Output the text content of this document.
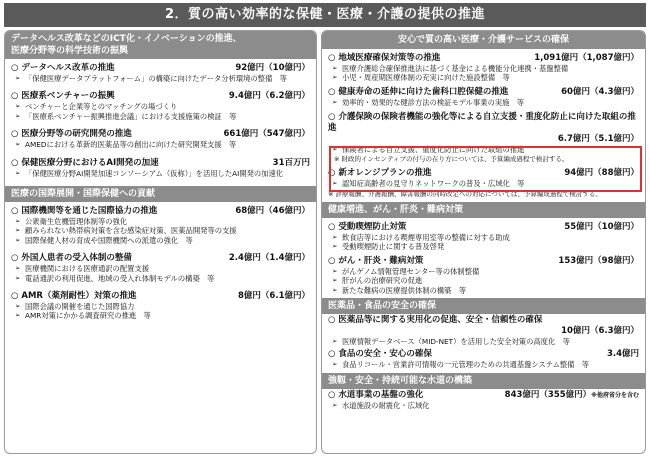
2．質の高い効率的な保健・医療・介護の提供の推進
データヘルス改革などのICT化・イノベーションの推進、
医療分野等の科学技術の振興
○ データヘルス改革の推進	92億円（10億円）
➢ 「保健医療データプラットフォーム」の構築に向けたデータ分析環境の整備　等
○ 医療系ベンチャーの振興	9.4億円（6.2億円）
➢ ベンチャーと企業等とのマッチングの場づくり
➢ 「医療系ベンチャー振興推進会議」における支援施策の検証　等
○ 医療分野等の研究開発の推進	661億円（547億円）
➢ AMEDにおける革新的医薬品等の創出に向けた研究開発支援　等
○ 保健医療分野におけるAI開発の加速	31百万円
➢ 「保健医療分野AI開発加速コンソーシアム（仮称）」を活用したAI開発の加速化
医療の国際展開・国際保健への貢献
○ 国際機関等を通じた国際協力の推進	68億円（46億円）
➢ 公衆衛生危機管理体制等の強化
➢ 顧みられない熱帯病対策を含む感染症対策、医薬品開発等の支援
➢ 国際保健人材の育成や国際機関への派遣の強化　等
○ 外国人患者の受入体制の整備	2.4億円（1.4億円）
➢ 医療機関における医療通訳の配置支援
➢ 電話通訳の利用促進、地域の受入れ体制モデルの構築　等
○ AMR（薬剤耐性）対策の推進	8億円（6.1億円）
➢ 国際会議の開催を通じた国際協力
➢ AMR対策にかかる調査研究の推進　等
安心で質の高い医療・介護サービスの確保
○ 地域医療確保対策等の推進	1,091億円（1,087億円）
➢ 医療介護総合確保推進法に基づく基金による機能分化連携・基盤整備
➢ 小児・周産期医療体制の充実に向けた施設整備　等
○ 健康寿命の延伸に向けた歯科口腔保健の推進	60億円（4.3億円）
➢ 効率的・効果的な健診方法の検証モデル事業の実施　等
○ 介護保険の保険者機能の強化等による自立支援・重度化防止に向けた取組の推進
6.7億円（5.1億円）
➢ 保険者による自立支援、重度化防止に向けた取組の推進
※ 財政的インセンティブの付与の在り方については、予算編成過程で検討する。
○ 新オレンジプランの推進	94億円（88億円）
➢ 認知症高齢者の見守りネットワークの普及・広域化　等
※ 診療報酬、介護報酬、障害報酬の同時改定への対応については、予算編成過程で検討する。
健康増進、がん・肝炎・難病対策
○ 受動喫煙防止対策	55億円（10億円）
➢ 飲食店等における喫煙専用室等の整備に対する助成
➢ 受動喫煙防止に関する普及啓発
○ がん・肝炎・難病対策	153億円（98億円）
➢ がんゲノム情報管理センター等の体制整備
➢ 肝がんの治療研究の促進
➢ 新たな難病の医療提供体制の構築　等
医薬品・食品の安全の確保
○ 医薬品等に関する実用化の促進、安全・信頼性の確保
10億円（6.3億円）
➢ 医療情報データベース（MID-NET）を活用した安全対策の高度化　等
○ 食品の安全・安心の確保	3.4億円
➢ 食品リコール・営業許可情報の一元管理のための共通基盤システム整備　等
強靱・安全・持続可能な水道の構築
○ 水道事業の基盤の強化	843億円（355億円）※他府省分を含む
➢ 水道施設の耐震化・広域化
